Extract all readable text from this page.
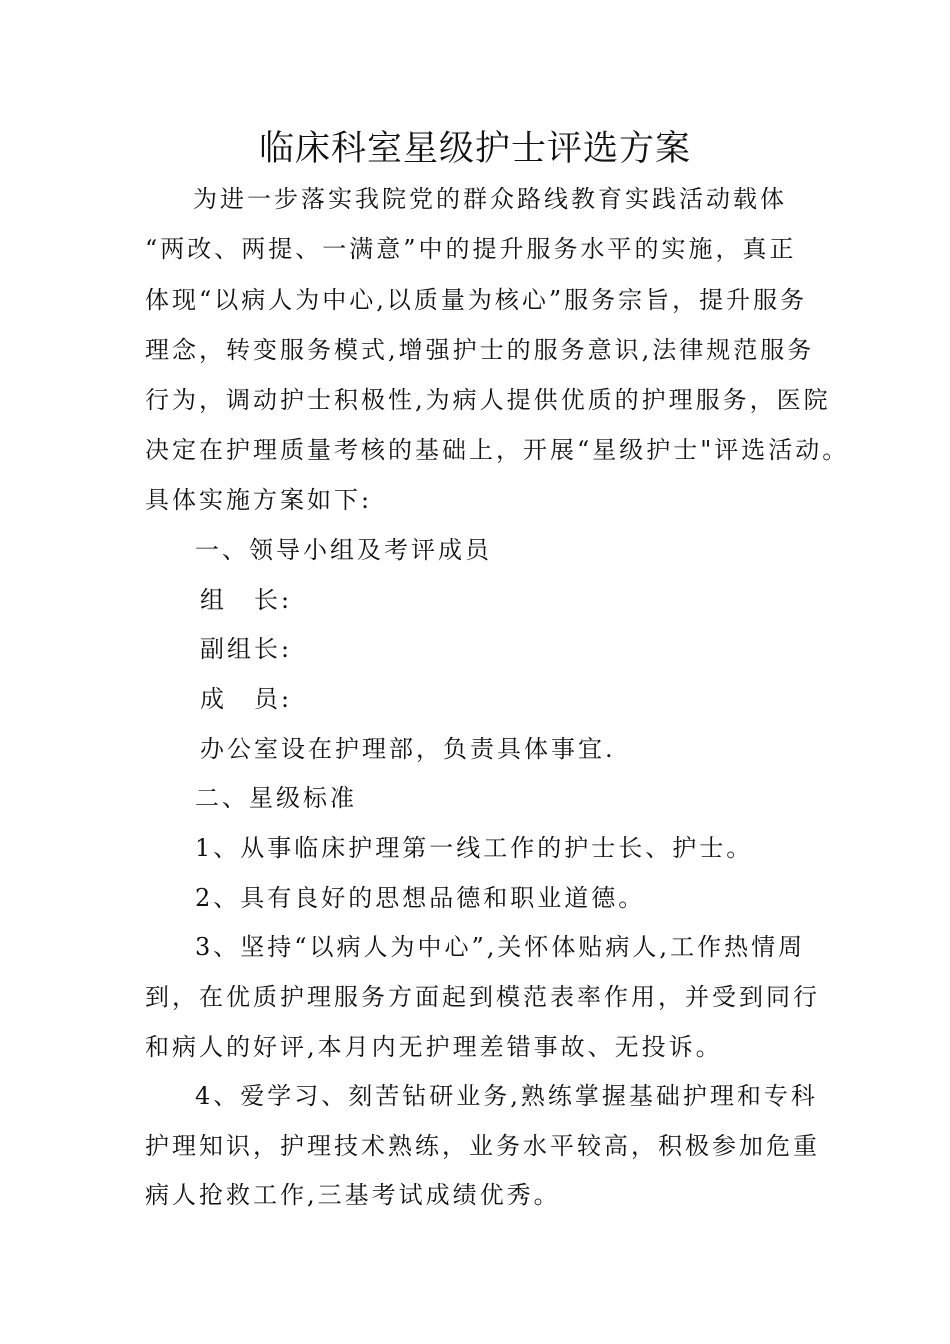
临床科室星级护士评选方案
为进一步落实我院党的群众路线教育实践活动载体
“两改、两提、一满意”中的提升服务水平的实施，真正
体现“以病人为中心,以质量为核心”服务宗旨，提升服务
理念，转变服务模式,增强护士的服务意识,法律规范服务
行为，调动护士积极性,为病人提供优质的护理服务，医院
决定在护理质量考核的基础上，开展“星级护士"评选活动。
具体实施方案如下:
一、领导小组及考评成员
组　长:
副组长:
成　员:
办公室设在护理部，负责具体事宜.
二、星级标准
1、从事临床护理第一线工作的护士长、护士。
2、具有良好的思想品德和职业道德。
3、坚持“以病人为中心”,关怀体贴病人,工作热情周
到，在优质护理服务方面起到模范表率作用，并受到同行
和病人的好评,本月内无护理差错事故、无投诉。
4、爱学习、刻苦钻研业务,熟练掌握基础护理和专科
护理知识，护理技术熟练，业务水平较高，积极参加危重
病人抢救工作,三基考试成绩优秀。
